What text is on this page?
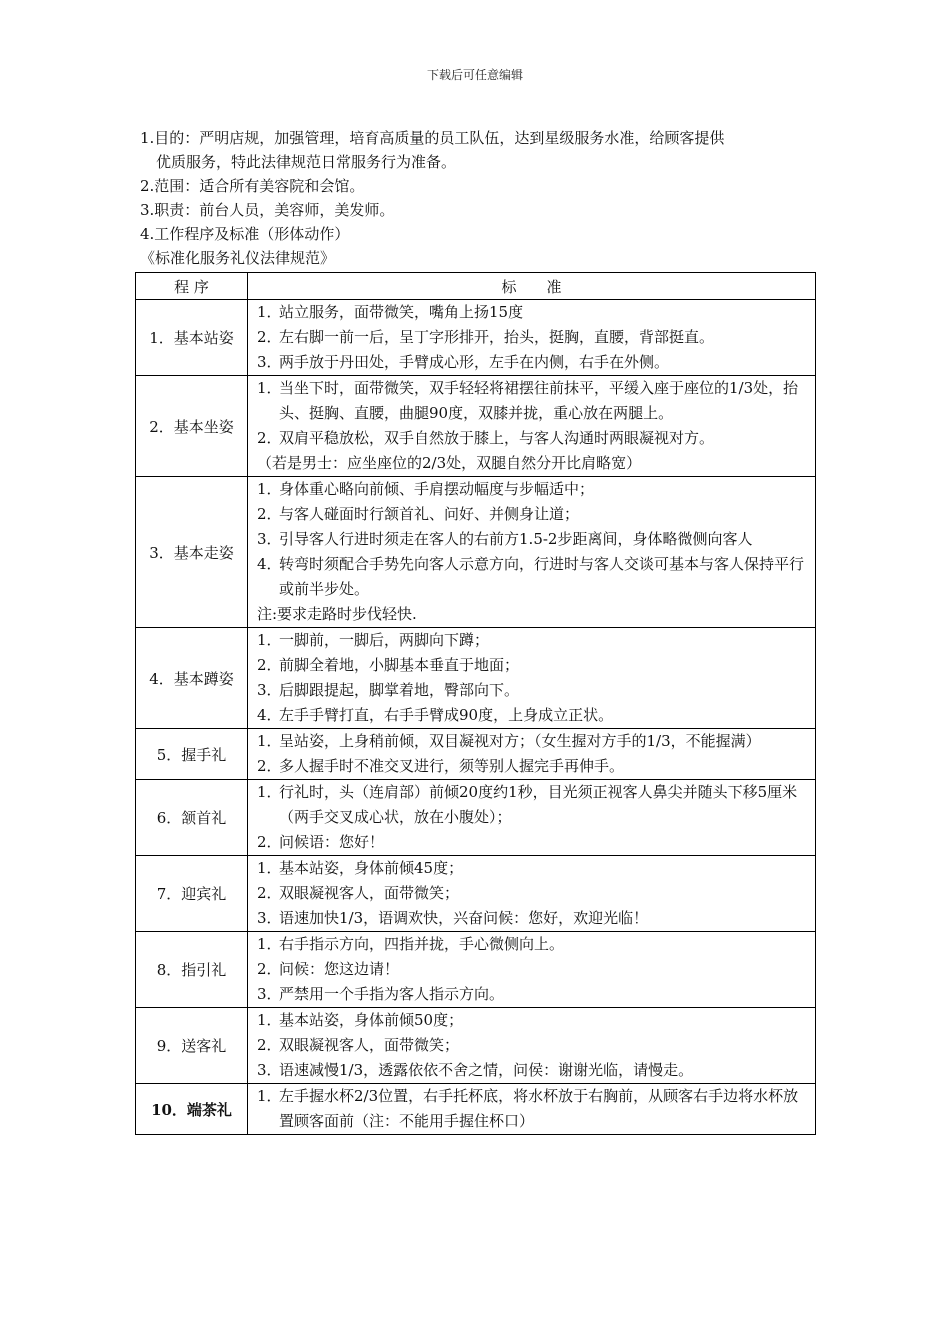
下载后可任意编辑

1.目的：严明店规，加强管理，培育高质量的员工队伍，达到星级服务水准，给顾客提供

优质服务，特此法律规范日常服务行为准备。

2.范围：适合所有美容院和会馆。

3.职责：前台人员，美容师，美发师。

4.工作程序及标准（形体动作）

《标准化服务礼仪法律规范》

程 序	标　　准
1．基本站姿	1．站立服务，面带微笑，嘴角上扬15度
2．左右脚一前一后，呈丁字形排开，抬头，挺胸，直腰，背部挺直。
3．两手放于丹田处，手臂成心形，左手在内侧，右手在外侧。

2．基本坐姿	1．当坐下时，面带微笑，双手轻轻将裙摆往前抹平，平缓入座于座位的1/3处，抬头、挺胸、直腰，曲腿90度，双膝并拢，重心放在两腿上。
2．双肩平稳放松，双手自然放于膝上，与客人沟通时两眼凝视对方。
（若是男士：应坐座位的2/3处，双腿自然分开比肩略宽）

3．基本走姿	1．身体重心略向前倾、手肩摆动幅度与步幅适中；
2．与客人碰面时行颔首礼、问好、并侧身让道；
3．引导客人行进时须走在客人的右前方1.5-2步距离间，身体略微侧向客人
4．转弯时须配合手势先向客人示意方向，行进时与客人交谈可基本与客人保持平行或前半步处。
注:要求走路时步伐轻快.

4．基本蹲姿	1．一脚前，一脚后，两脚向下蹲；
2．前脚全着地，小脚基本垂直于地面；
3．后脚跟提起，脚掌着地，臀部向下。
4．左手手臂打直，右手手臂成90度，上身成立正状。

5．握手礼	1．呈站姿，上身稍前倾，双目凝视对方；（女生握对方手的1/3，不能握满）
2．多人握手时不准交叉进行，须等别人握完手再伸手。

6．颔首礼	1．行礼时，头（连肩部）前倾20度约1秒，目光须正视客人鼻尖并随头下移5厘米（两手交叉成心状，放在小腹处）；
2．问候语：您好！

7．迎宾礼	1．基本站姿，身体前倾45度；
2．双眼凝视客人，面带微笑；
3．语速加快1/3，语调欢快，兴奋问候：您好，欢迎光临！

8．指引礼	1．右手指示方向，四指并拢，手心微侧向上。
2．问候：您这边请！
3．严禁用一个手指为客人指示方向。

9．送客礼	1．基本站姿，身体前倾50度；
2．双眼凝视客人，面带微笑；
3．语速减慢1/3，透露依依不舍之情，问侯：谢谢光临，请慢走。

10．端茶礼	1．左手握水杯2/3位置，右手托杯底，将水杯放于右胸前，从顾客右手边将水杯放置顾客面前（注：不能用手握住杯口）
